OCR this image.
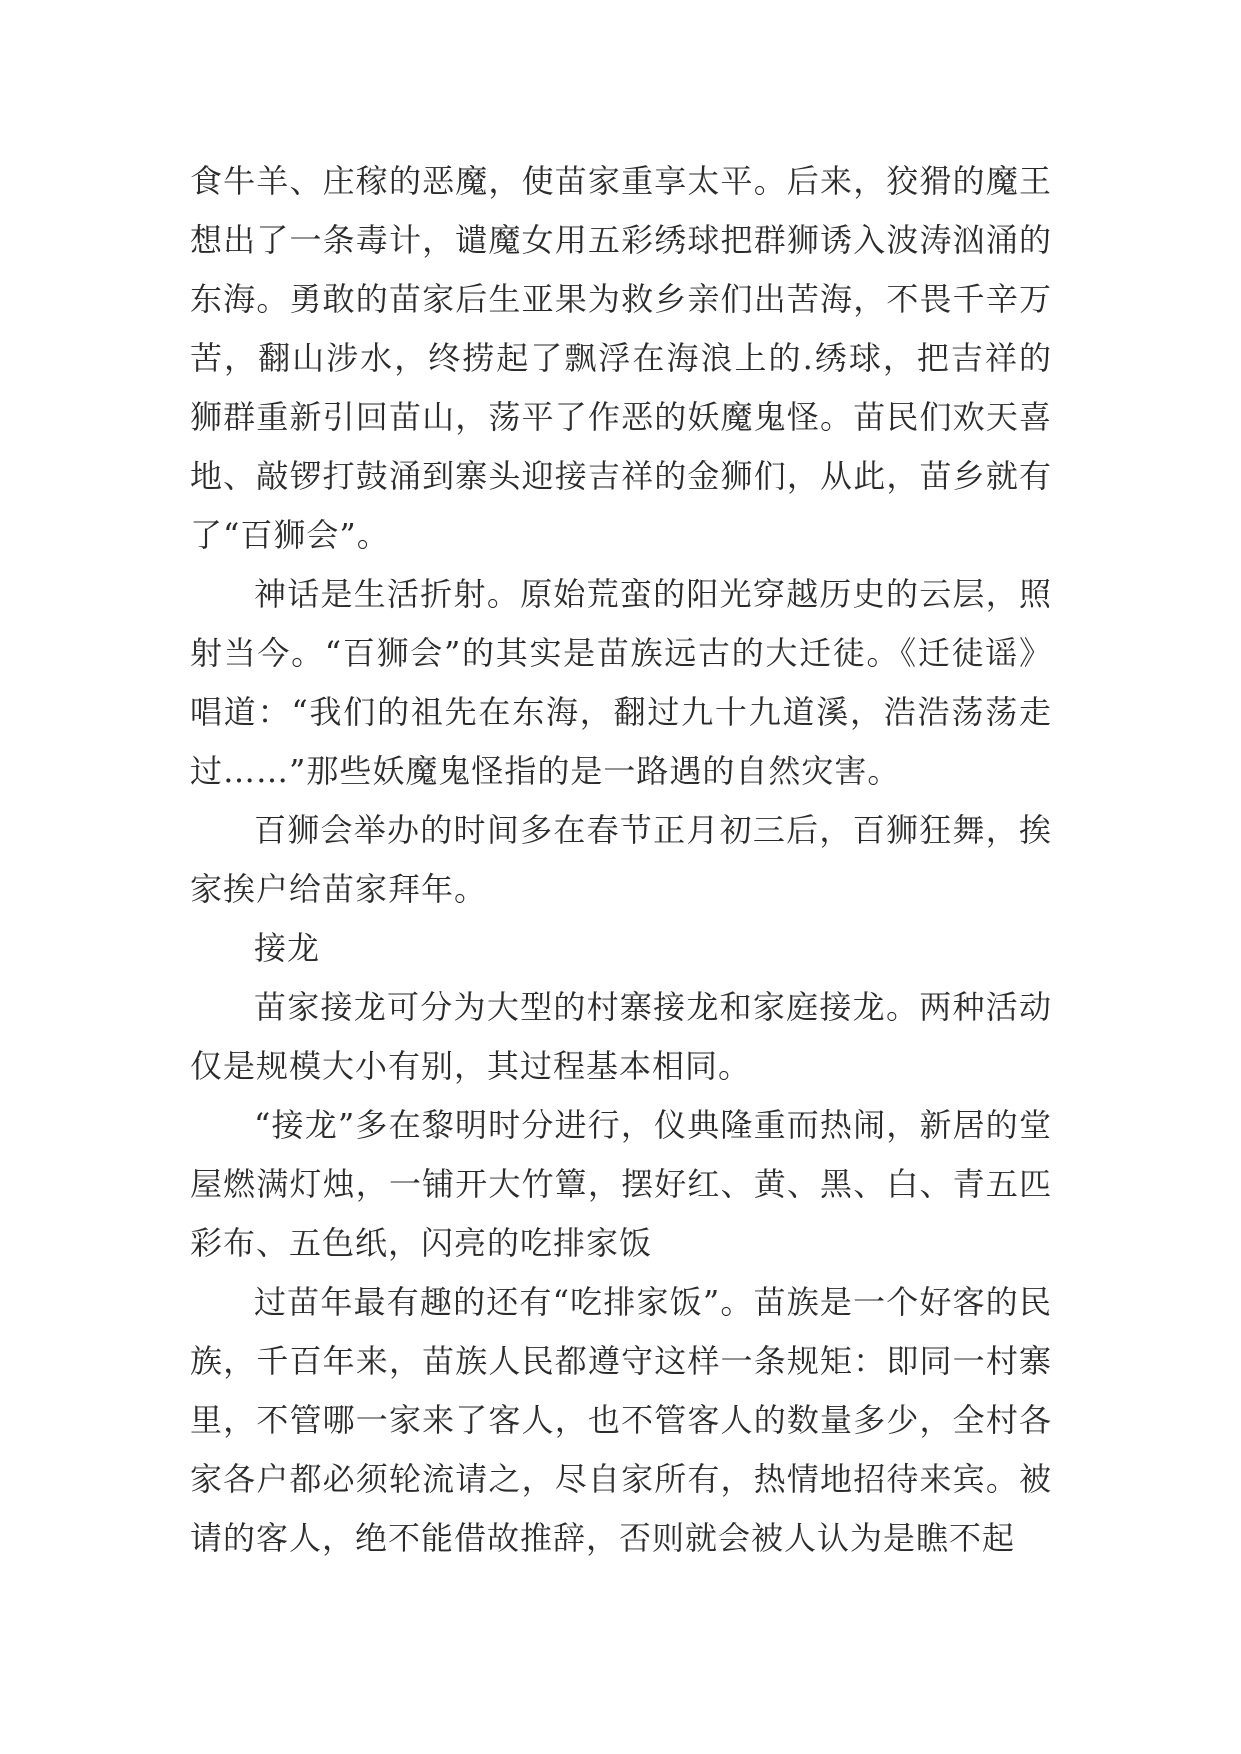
食牛羊、庄稼的恶魔，使苗家重享太平。后来，狡猾的魔王想出了一条毒计，谴魔女用五彩绣球把群狮诱入波涛汹涌的东海。勇敢的苗家后生亚果为救乡亲们出苦海，不畏千辛万苦，翻山涉水，终捞起了飘浮在海浪上的.绣球，把吉祥的狮群重新引回苗山，荡平了作恶的妖魔鬼怪。苗民们欢天喜地、敲锣打鼓涌到寨头迎接吉祥的金狮们，从此，苗乡就有了“百狮会”。

神话是生活折射。原始荒蛮的阳光穿越历史的云层，照射当今。“百狮会”的其实是苗族远古的大迁徒。《迁徒谣》唱道：“我们的祖先在东海，翻过九十九道溪，浩浩荡荡走过……”那些妖魔鬼怪指的是一路遇的自然灾害。

百狮会举办的时间多在春节正月初三后，百狮狂舞，挨家挨户给苗家拜年。

接龙

苗家接龙可分为大型的村寨接龙和家庭接龙。两种活动仅是规模大小有别，其过程基本相同。

“接龙”多在黎明时分进行，仪典隆重而热闹，新居的堂屋燃满灯烛，一铺开大竹簟，摆好红、黄、黑、白、青五匹彩布、五色纸，闪亮的吃排家饭

过苗年最有趣的还有“吃排家饭”。苗族是一个好客的民族，千百年来，苗族人民都遵守这样一条规矩：即同一村寨里，不管哪一家来了客人，也不管客人的数量多少，全村各家各户都必须轮流请之，尽自家所有，热情地招待来宾。被请的客人，绝不能借故推辞，否则就会被人认为是瞧不起
